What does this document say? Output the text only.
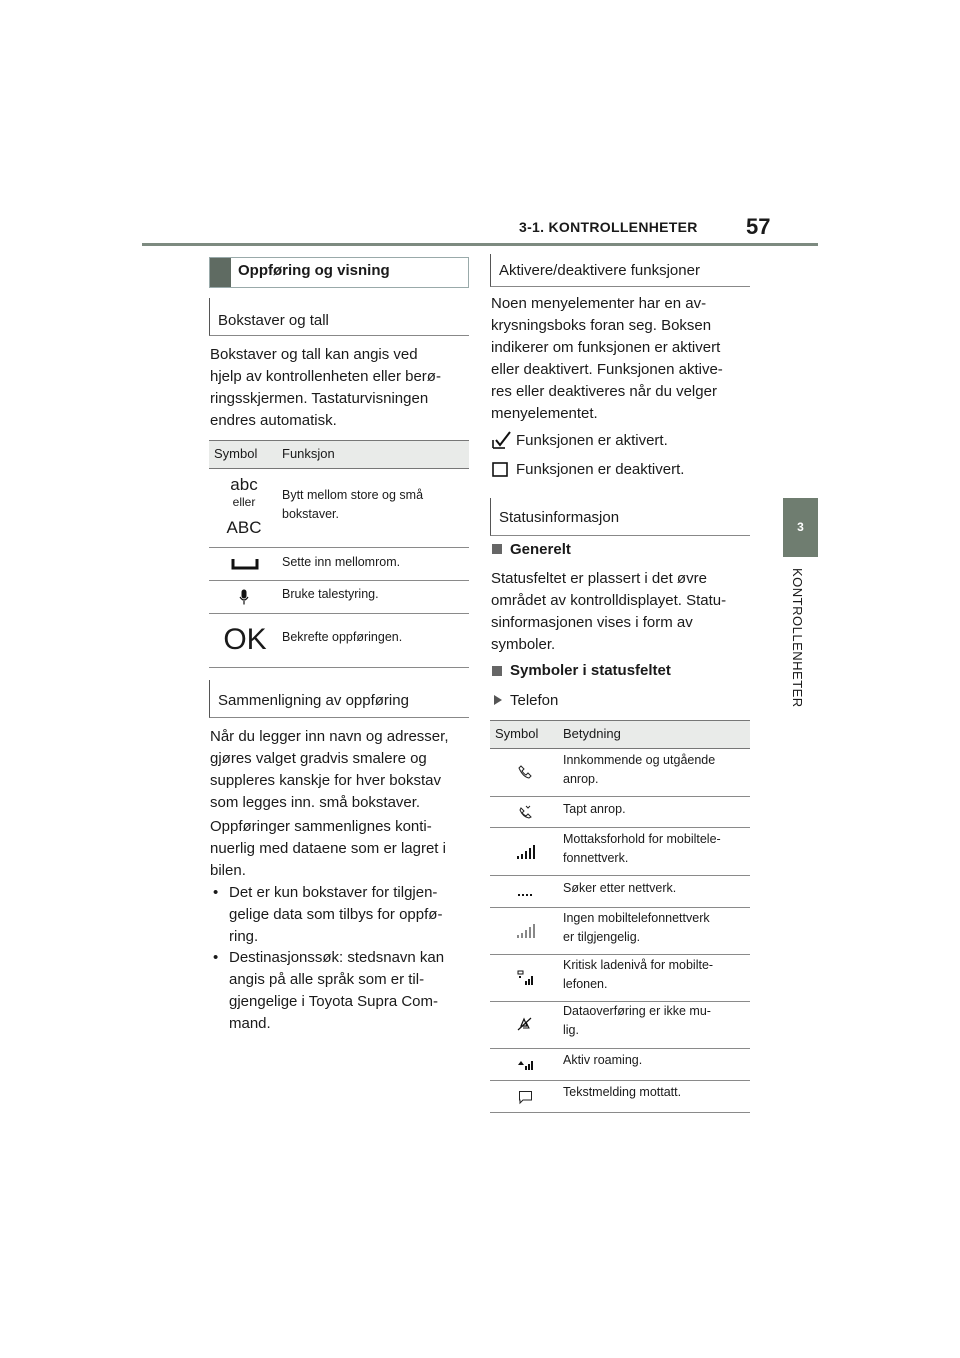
3-1. KONTROLLENHETER 57
3
KONTROLLENHETER
Oppføring og visning
Bokstaver og tall
Bokstaver og tall kan angis ved
hjelp av kontrollenheten eller berø-
ringsskjermen. Tastaturvisningen
endres automatisk.
Symbol Funksjon
abc
eller
ABC
Bytt mellom store og små
bokstaver.
Sette inn mellomrom.
Bruke talestyring.
OK Bekrefte oppføringen.
Sammenligning av oppføring
Når du legger inn navn og adresser,
gjøres valget gradvis smalere og
suppleres kanskje for hver bokstav
som legges inn. små bokstaver.
Oppføringer sammenlignes konti-
nuerlig med dataene som er lagret i
bilen.
• Det er kun bokstaver for tilgjen-
gelige data som tilbys for oppfø-
ring.
• Destinasjonssøk: stedsnavn kan
angis på alle språk som er til-
gjengelige i Toyota Supra Com-
mand.
Aktivere/deaktivere funksjoner
Noen menyelementer har en av-
krysningsboks foran seg. Boksen
indikerer om funksjonen er aktivert
eller deaktivert. Funksjonen aktive-
res eller deaktiveres når du velger
menyelementet.
Funksjonen er aktivert.
Funksjonen er deaktivert.
Statusinformasjon
Generelt
Statusfeltet er plassert i det øvre
området av kontrolldisplayet. Statu-
sinformasjonen vises i form av
symboler.
Symboler i statusfeltet
Telefon
Symbol Betydning
Innkommende og utgående
anrop.
Tapt anrop.
Mottaksforhold for mobiltele-
fonnettverk.
Søker etter nettverk.
Ingen mobiltelefonnettverk
er tilgjengelig.
Kritisk ladenivå for mobilte-
lefonen.
Dataoverføring er ikke mu-
lig.
Aktiv roaming.
Tekstmelding mottatt.
